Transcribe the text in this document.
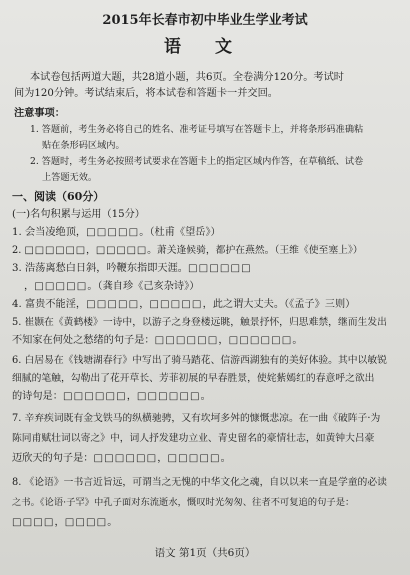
2015年长春市初中毕业生学业考试
语 文
本试卷包括两道大题，共28道小题，共6页。全卷满分120分。考试时
间为120分钟。考试结束后，将本试卷和答题卡一并交回。
注意事项：
1. 答题前，考生务必将自己的姓名、准考证号填写在答题卡上，并将条形码准确粘
贴在条形码区域内。
2. 答题时，考生务必按照考试要求在答题卡上的指定区域内作答，在草稿纸、试卷
上答题无效。
一、阅读（60分）
(一)名句积累与运用（15分）
1. 会当凌绝顶，□□□□□。（杜甫《望岳》）
2. □□□□□□，□□□□□。萧关逢候骑，都护在燕然。（王维《使至塞上》）
3. 浩荡离愁白日斜，吟鞭东指即天涯。□□□□□□
，□□□□□。（龚自珍《己亥杂诗》）
4. 富贵不能淫，□□□□□，□□□□□，此之谓大丈夫。（《孟子》三则）
5. 崔颢在《黄鹤楼》一诗中，以游子之身登楼远眺，触景抒怀，归思难禁，继而生发出
不知家在何处之愁绪的句子是：□□□□□□，□□□□□□。
6. 白居易在《钱塘湖春行》中写出了骑马踏花、信游西湖独有的美好体验。其中以敏锐
细腻的笔触，勾勒出了花开草长、芳菲初展的早春胜景，使姹紫嫣红的春意呼之欲出
的诗句是：□□□□□□，□□□□□□。
7. 辛弃疾词既有金戈铁马的纵横驰骋，又有坎坷多舛的慷慨悲凉。在一曲《破阵子·为
陈同甫赋壮词以寄之》中，词人抒发建功立业、青史留名的豪情壮志，如黄钟大吕豪
迈欣天的句子是：□□□□□□，□□□□□。
8. 《论语》一书言近旨远，可谓当之无愧的中华文化之魂，自以以来一直是学童的必读
之书。《论语·子罕》中孔子面对东流逝水，慨叹时光匆匆、往者不可复追的句子是：
□□□□，□□□□。
语文 第1页（共6页）
